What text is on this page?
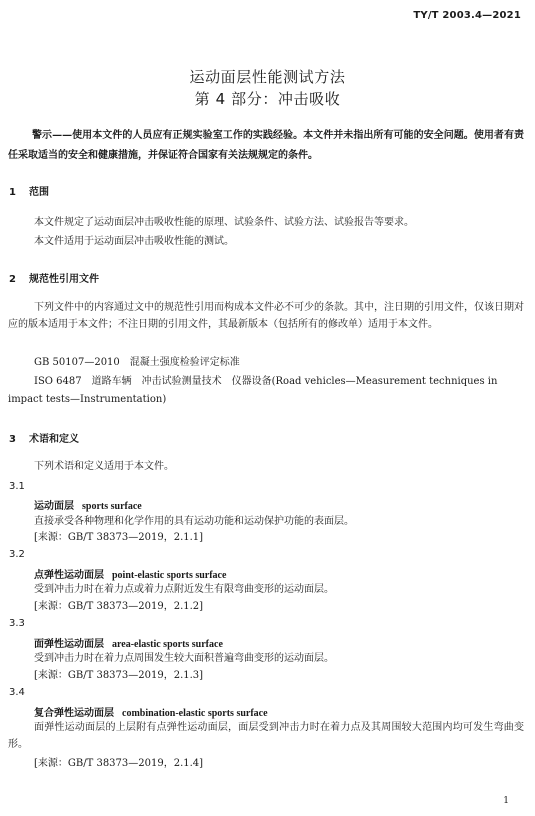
TY/T 2003.4—2021
运动面层性能测试方法
第 4 部分：冲击吸收
警示——使用本文件的人员应有正规实验室工作的实践经验。本文件并未指出所有可能的安全问题。使用者有责任采取适当的安全和健康措施，并保证符合国家有关法规规定的条件。
1 范围
本文件规定了运动面层冲击吸收性能的原理、试验条件、试验方法、试验报告等要求。
本文件适用于运动面层冲击吸收性能的测试。
2 规范性引用文件
下列文件中的内容通过文中的规范性引用而构成本文件必不可少的条款。其中，注日期的引用文件，仅该日期对应的版本适用于本文件；不注日期的引用文件，其最新版本（包括所有的修改单）适用于本文件。
GB 50107—2010　混凝土强度检验评定标准
ISO 6487　道路车辆　冲击试验测量技术　仪器设备(Road vehicles—Measurement techniques in
impact tests—Instrumentation)
3 术语和定义
下列术语和定义适用于本文件。
3.1
运动面层 sports surface
直接承受各种物理和化学作用的具有运动功能和运动保护功能的表面层。
[来源：GB/T 38373—2019，2.1.1]
3.2
点弹性运动面层 point-elastic sports surface
受到冲击力时在着力点或着力点附近发生有限弯曲变形的运动面层。
[来源：GB/T 38373—2019，2.1.2]
3.3
面弹性运动面层 area-elastic sports surface
受到冲击力时在着力点周围发生较大面积普遍弯曲变形的运动面层。
[来源：GB/T 38373—2019，2.1.3]
3.4
复合弹性运动面层 combination-elastic sports surface
面弹性运动面层的上层附有点弹性运动面层，面层受到冲击力时在着力点及其周围较大范围内均可发生弯曲变形。
[来源：GB/T 38373—2019，2.1.4]
1
